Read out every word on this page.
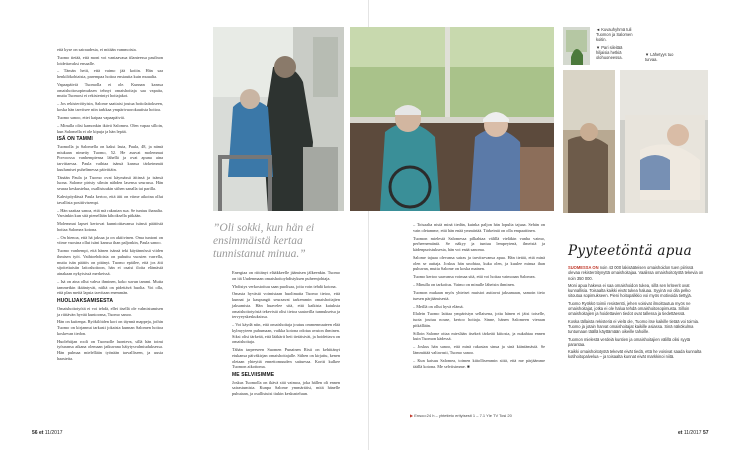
että kyse on sairaudesta, ei mitään vammoista.

Tuomo tietää, että moni voi vaniaavaua tilanteessa pasilnon loidettavaksi ensaalle.

– Tämän hetii, että vaimo jää kotiin. Hän saa henkilökohtaista, parempaa hoitoa ensiautta kuin muualta.

Vapaapäiviä Tuomolla ei ole. Kunnan kanssa omaishoitosopimuksen tehnyt omaishoitaja saa vapaita, mutta Tuomosi ei rekisterintyt hoitajakot.

– Jos rekisteröityisin, Salome saattaisi joutua hoitolaitokseen, koska hän tarvitsee niin tarkkaa ympärivuorokautista hoitoa.

Tuomo sanoo, ettei kaipaa vapaapäiviä.

– Minulla olisi kamonkin ikävä Salomea. Olen vapaa silloin, kun Salomella ei ole kipuja ja hän lepää.

ISÄ ON TAMMI

Tuomolla ja Salomella on kaksi lasta, Paula, 48, ja nämä miukaan nimetty Tuomo, 52. He asuvat molemmat Porvoossa vanhempiensa lähellä ja ovat apuna aina tarvittaessa. Paula vaihtaa isänsä kanssa tärkeimmät kuulumiset puhelimessa päivittäin.

Tänään Paula ja Tuomo ovat käymässä äitinsä ja isänsä luona. Salome pirtsty silmin nähden lasensa seurassa. Hän seuraa keskustelua, osallistuukin siihen sanalla tai parilla.

Kahvipöydässä Paula kertoo, että äiti on viime aikoina ollut tavallista positiivisempi.

– Hän saattaa sanoa, että mä rakastan sua. Se tuntuu ihanalta. Varsinkin kun sitä pienellään kihoiksella pitkään.

Molemmat lapset kertovat kunnioittavansa isänsä päätöstä hoitaa Salomea kotona.

– On hienoa, että hä jaksaa ja on aktiivinen. Oma tuntoni on viime vuosina ollut isäni kanssa ihan paljonkin, Paula sanoo.

Tuomo vanhempi, että hänen isänsä teki käytännössä viiden ihmisen työt. Vaihtoehdoista on puhuttu vuosien varrella, mutta isän päätös on pitänyt. Tuomo epäilee, että jos äiti sijoitettaisiin laitoshoitoon, hän ei osaisi iloita elämästä ainakaan nykyisissä merkeissä.

– Isä on aina ollut vahva ihminen, koko suvun tammi. Mutta tammetkin ikääntyvät, niiltä on pidettävä huolta. Voi olla, että plan meitä lapsia tarvitaan enemmän.

HUOLIJAKSAMISESTA

Omaishoitotyötä ei voi tehdä, ellei itsellä ole valmistumisen ja riittävän hyvää kuntoonsa, Tuomo sanoo.

Hän on kuitenpa. Ryökilöiden kori on täynnä mappeja, joihin Tuomo on kirjannut tarkasti jokaista kunnan Salomen hoitoa koskevan tiedon.

Huolehtijan rooli on Tuomolle luonteva, sillä hän toimi työuransa aikana olemaan jatkuvana häiytysvalmiuduksessa. Hän pulmaa mielellään työnään tarvalliseen, ja uusia haasteita.

”Oli sokki, kun hän ei ensimmäistä kertaa tunnistanut minua.”

Energiaa on riittänyt elääkkeelle jäämisen jälkeenkin. Tuomo on itä Uudenmaan omaishoitoyhdistyksen puheenjohtaja.

Yhdistys verkostoituu saan puolisaa, joita voin tehdä kotona.

Omasta hyvästä voimistaan huolimatta Tuomo tietoo, että kunnat ja kaupungit seuraavat tarkemmin omaishoitajien jaksamista. Hän huavelee sitä, että kaikista kaiuksia omaishoitotyöstä tekevistä olisi tietoa saatavilla tunnuksetsa ja tervyeyskeskuksissa.

– Voi käydä niin, että omaishoitaja joutuu ommennuuteen elää kylmyyteen puhumaan, vaikka kotona odotaa avuton ihminen. Siksi olisi tärkeää, että lääkärit heti tietäisivät, ja hoidettava on omaishoitaja.

Tähän tarpeeseen Suomen Punainen Risti on kehittänyt etukansa päiväkirjan omaishoitajalle. Siihen on kirjattu, kenen oletaan yhteyttä ennettomuuden sattuessa. Kortti kulkee Tuomon aikottoma.

ME SELVIISIMME

Joskus Tuomolla on ikävä sitä vaimoa, joka hällen oli ennen sairastumista. Kunpa Salome ymmärtäisi, mitä hänelle puhutaan, ja osallistuisi tiukin keskusteluun.

56 et 11/2017
◄ Kuvauhyhmä tuli Tuomon ja Salomen koitin.
▼ Pari sileitää hiljaisia hetkiä olohuoneessa.
▼ Lähetyys tuo turvaa.

– Toisaalta nistä minä tiedän, kuinka paljon hän lopulta tajuaa. Sehän on vain oletamme, että hän enää ymmärtää. Tärkeintä on olla empaattinen.

Tuomon mielestä Salomessa pilkahtaa välillä vieläkin vanha vaimo, perheenemäntä. Se näkyy ja tuntuu lempeytenä, ilmeistä ja kädenpuristuksesta, hän voi enää sanoma.

Salome tajuaa olevansa sairas ja tarvitsevansa apua. Hän tietää, että minä olen se auttaja. Joskus hän unohtaa, kuka olen, ja kuulee minua ihan puhuvan, mutta Salome on koska mainen.

Tuomo kertoo saavansa voimaa sitä, että voi hoitaa vaimoaan Salomea.

– Minulla on tarkoitus. Vaimo on minulle läheisin ihminen.

Tuomon mukaan myös yhteiset muistot auttavat jaksamaan, samoin tieto tuesen pärjäämisestä.

– Meillä on ollut hyvä elämä.

Illalein Tuomo laittaa ympäristyn sellaisena, jotta hänen ei jäisi toiselle, tuota joutuu nouse, kertoo hoitaja. Sinne, hänen Salomeen vieraan pitkällään.

Silloin Salome ottaa mieslään itsekeä tärkeää kiitosta, ja nukahtaa ennen kuin Tuomon kädessä.

– Joskus hän sanoo, että minä rakastan sinua ja sinä kiäntämästä. Se lämmittää valtavasti, Tuomo sanoo.

– Kun kaisuu Salomea, toimen kiitollisemmin siitä, että me pärjäämme täällä kotona. Me selviisimme. ■

▶ Ensoo:24 h – yhtetieto erityisesti 1 – 7.1 Yle TV Tosi 20
Pyyteetöntä apua

SUOMESSA ON noin 43 000 lakisääteisen omaishoidon tuen piirissä olevaa rekisteröitynyttä omaishoitajaa. Vaalissa omaishoitotyötä tekevia on noin 350 000.

Moni apua hakeva ei saa omaishoidon tukea, sillä sen kriteerit ovat kunnallisia. Toisaalta kaikki eivät tukea haluaa. Syyinä voi olla pelko sitoutua sopimukseen. Pieni hoitopalkkio voi myös motivoida tiettyjä.

Tuomo Ryökkö toimii resistentti, jehen voisivat ilmoittautua myös ne omaishoitajat, jotka ei ole halua tehdä omaishoitosopimusta. Silloin omaishoitajien ja hoidettavien tiedot ovat tallessa ja tiedettäessä.

Koska tällaista rekisteriä ei vielä ole, Tuomo itse kaikille tietää voi toimia. Tuomo ja jotain harvat omaishoitajat kaikille asiassa. Sinä näkökulma tuntumaan täällä käyttämään oikeille tahoille.

Tuomon mielestä verdeiä kuntien ja omaishoitajien välillä olisi syytä parantaa.

Kaikki omaishoitotyötä tekevät eivät tiedä, että he voisivat saada kunnalta kotihoitopalvelua – ja toisaalta kunnat eivät markkinoi niitä.

et 11/2017 57
